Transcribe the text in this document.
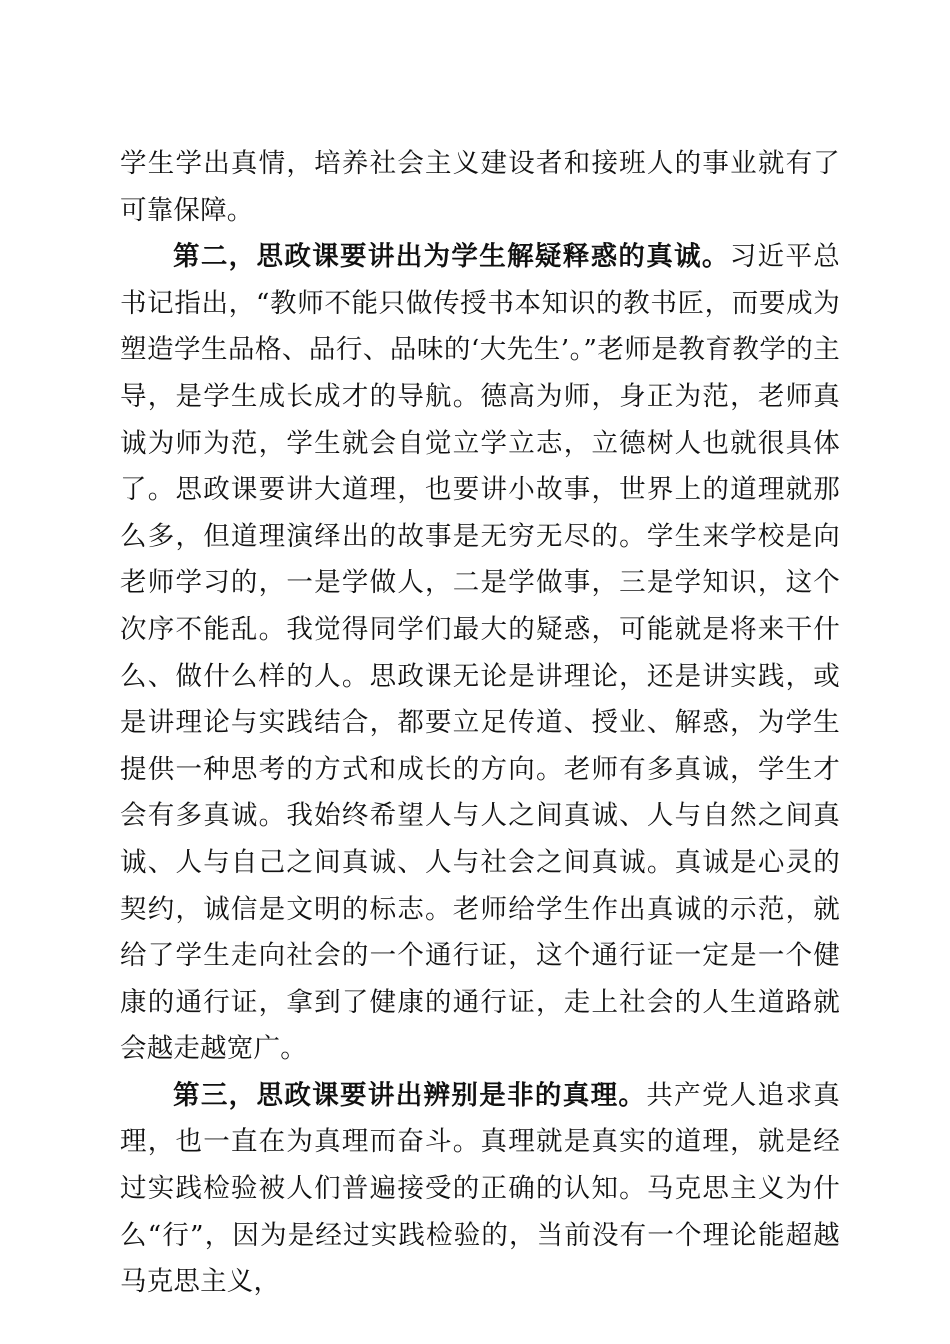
学生学出真情，培养社会主义建设者和接班人的事业就有了可靠保障。

第二，思政课要讲出为学生解疑释惑的真诚。习近平总书记指出，“教师不能只做传授书本知识的教书匠，而要成为塑造学生品格、品行、品味的‘大先生’。”老师是教育教学的主导，是学生成长成才的导航。德高为师，身正为范，老师真诚为师为范，学生就会自觉立学立志，立德树人也就很具体了。思政课要讲大道理，也要讲小故事，世界上的道理就那么多，但道理演绎出的故事是无穷无尽的。学生来学校是向老师学习的，一是学做人，二是学做事，三是学知识，这个次序不能乱。我觉得同学们最大的疑惑，可能就是将来干什么、做什么样的人。思政课无论是讲理论，还是讲实践，或是讲理论与实践结合，都要立足传道、授业、解惑，为学生提供一种思考的方式和成长的方向。老师有多真诚，学生才会有多真诚。我始终希望人与人之间真诚、人与自然之间真诚、人与自己之间真诚、人与社会之间真诚。真诚是心灵的契约，诚信是文明的标志。老师给学生作出真诚的示范，就给了学生走向社会的一个通行证，这个通行证一定是一个健康的通行证，拿到了健康的通行证，走上社会的人生道路就会越走越宽广。

第三，思政课要讲出辨别是非的真理。共产党人追求真理，也一直在为真理而奋斗。真理就是真实的道理，就是经过实践检验被人们普遍接受的正确的认知。马克思主义为什么“行”，因为是经过实践检验的，当前没有一个理论能超越马克思主义，
